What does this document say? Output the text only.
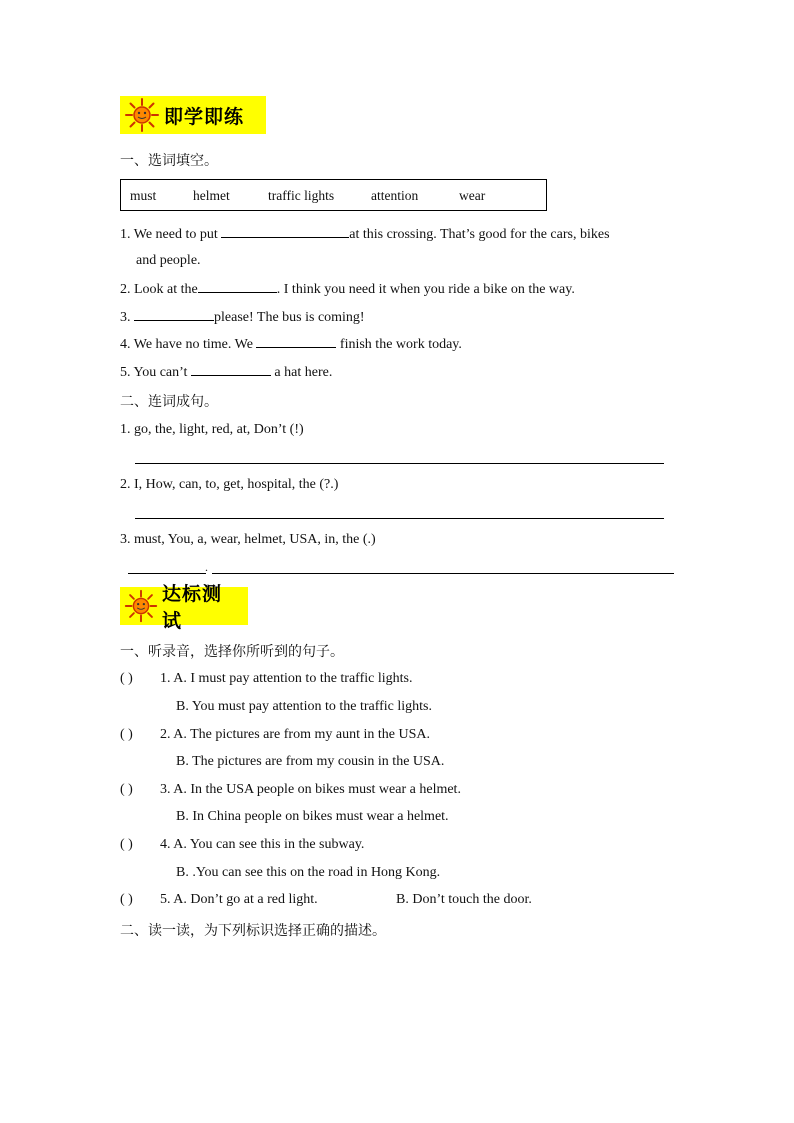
即学即练
一、选词填空。
must	helmet	traffic lights	attention	wear
1. We need to put	at this crossing. That’s good for the cars, bikes
and people.
2. Look at the	. I think you need it when you ride a bike on the way.
3.	please! The bus is coming!
4. We have no time. We	finish the work today.
5. You can’t	a hat here.
二、连词成句。
1. go, the, light, red, at, Don’t (!)
2. I, How, can, to, get, hospital, the (?.)
3. must, You, a, wear, helmet, USA, in, the (.)
.
达标测试
一、听录音，选择你所听到的句子。
( ) 1. A. I must pay attention to the traffic lights.
B. You must pay attention to the traffic lights.
( ) 2. A. The pictures are from my aunt in the USA.
B. The pictures are from my cousin in the USA.
( ) 3. A. In the USA people on bikes must wear a helmet.
B. In China people on bikes must wear a helmet.
( ) 4. A. You can see this in the subway.
B. .You can see this on the road in Hong Kong.
( ) 5. A. Don’t go at a red light.	B. Don’t touch the door.
二、读一读，为下列标识选择正确的描述。
